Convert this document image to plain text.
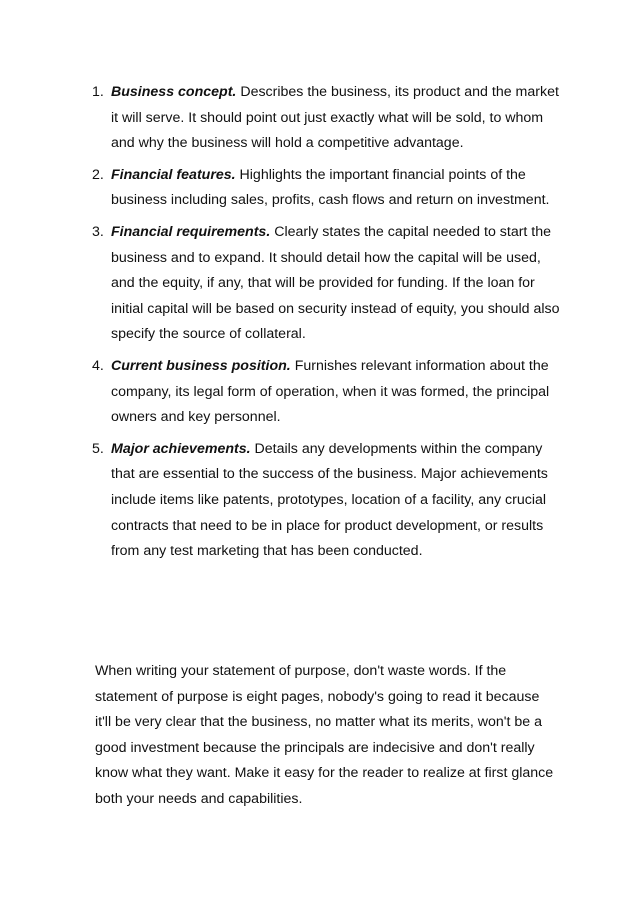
1. Business concept. Describes the business, its product and the market it will serve. It should point out just exactly what will be sold, to whom and why the business will hold a competitive advantage.
2. Financial features. Highlights the important financial points of the business including sales, profits, cash flows and return on investment.
3. Financial requirements. Clearly states the capital needed to start the business and to expand. It should detail how the capital will be used, and the equity, if any, that will be provided for funding. If the loan for initial capital will be based on security instead of equity, you should also specify the source of collateral.
4. Current business position. Furnishes relevant information about the company, its legal form of operation, when it was formed, the principal owners and key personnel.
5. Major achievements. Details any developments within the company that are essential to the success of the business. Major achievements include items like patents, prototypes, location of a facility, any crucial contracts that need to be in place for product development, or results from any test marketing that has been conducted.

When writing your statement of purpose, don't waste words. If the statement of purpose is eight pages, nobody's going to read it because it'll be very clear that the business, no matter what its merits, won't be a good investment because the principals are indecisive and don't really know what they want. Make it easy for the reader to realize at first glance both your needs and capabilities.
